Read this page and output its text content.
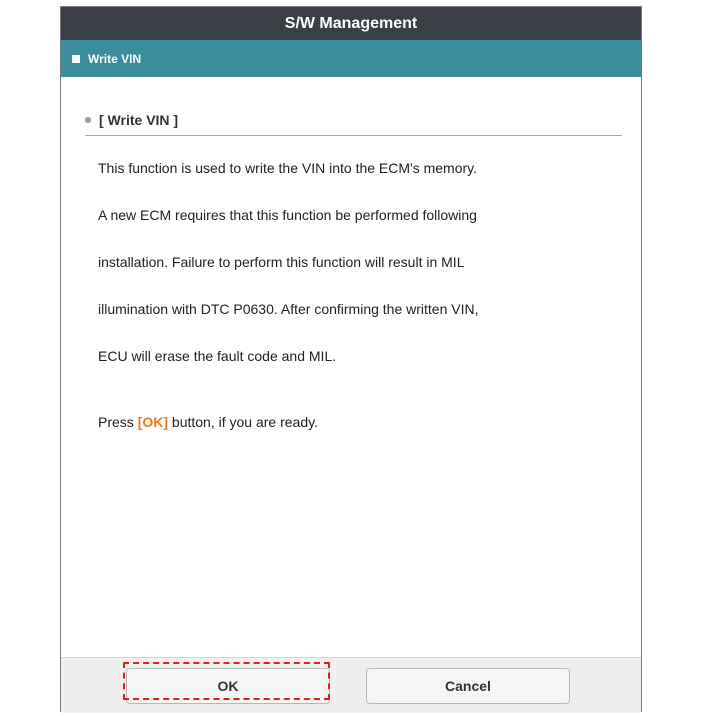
S/W Management
Write VIN
[ Write VIN ]
This function is used to write the VIN into the ECM's memory.
A new ECM requires that this function be performed following
installation. Failure to perform this function will result in MIL
illumination with DTC P0630. After confirming the written VIN,
ECU will erase the fault code and MIL.
Press [OK] button, if you are ready.
OK	Cancel
